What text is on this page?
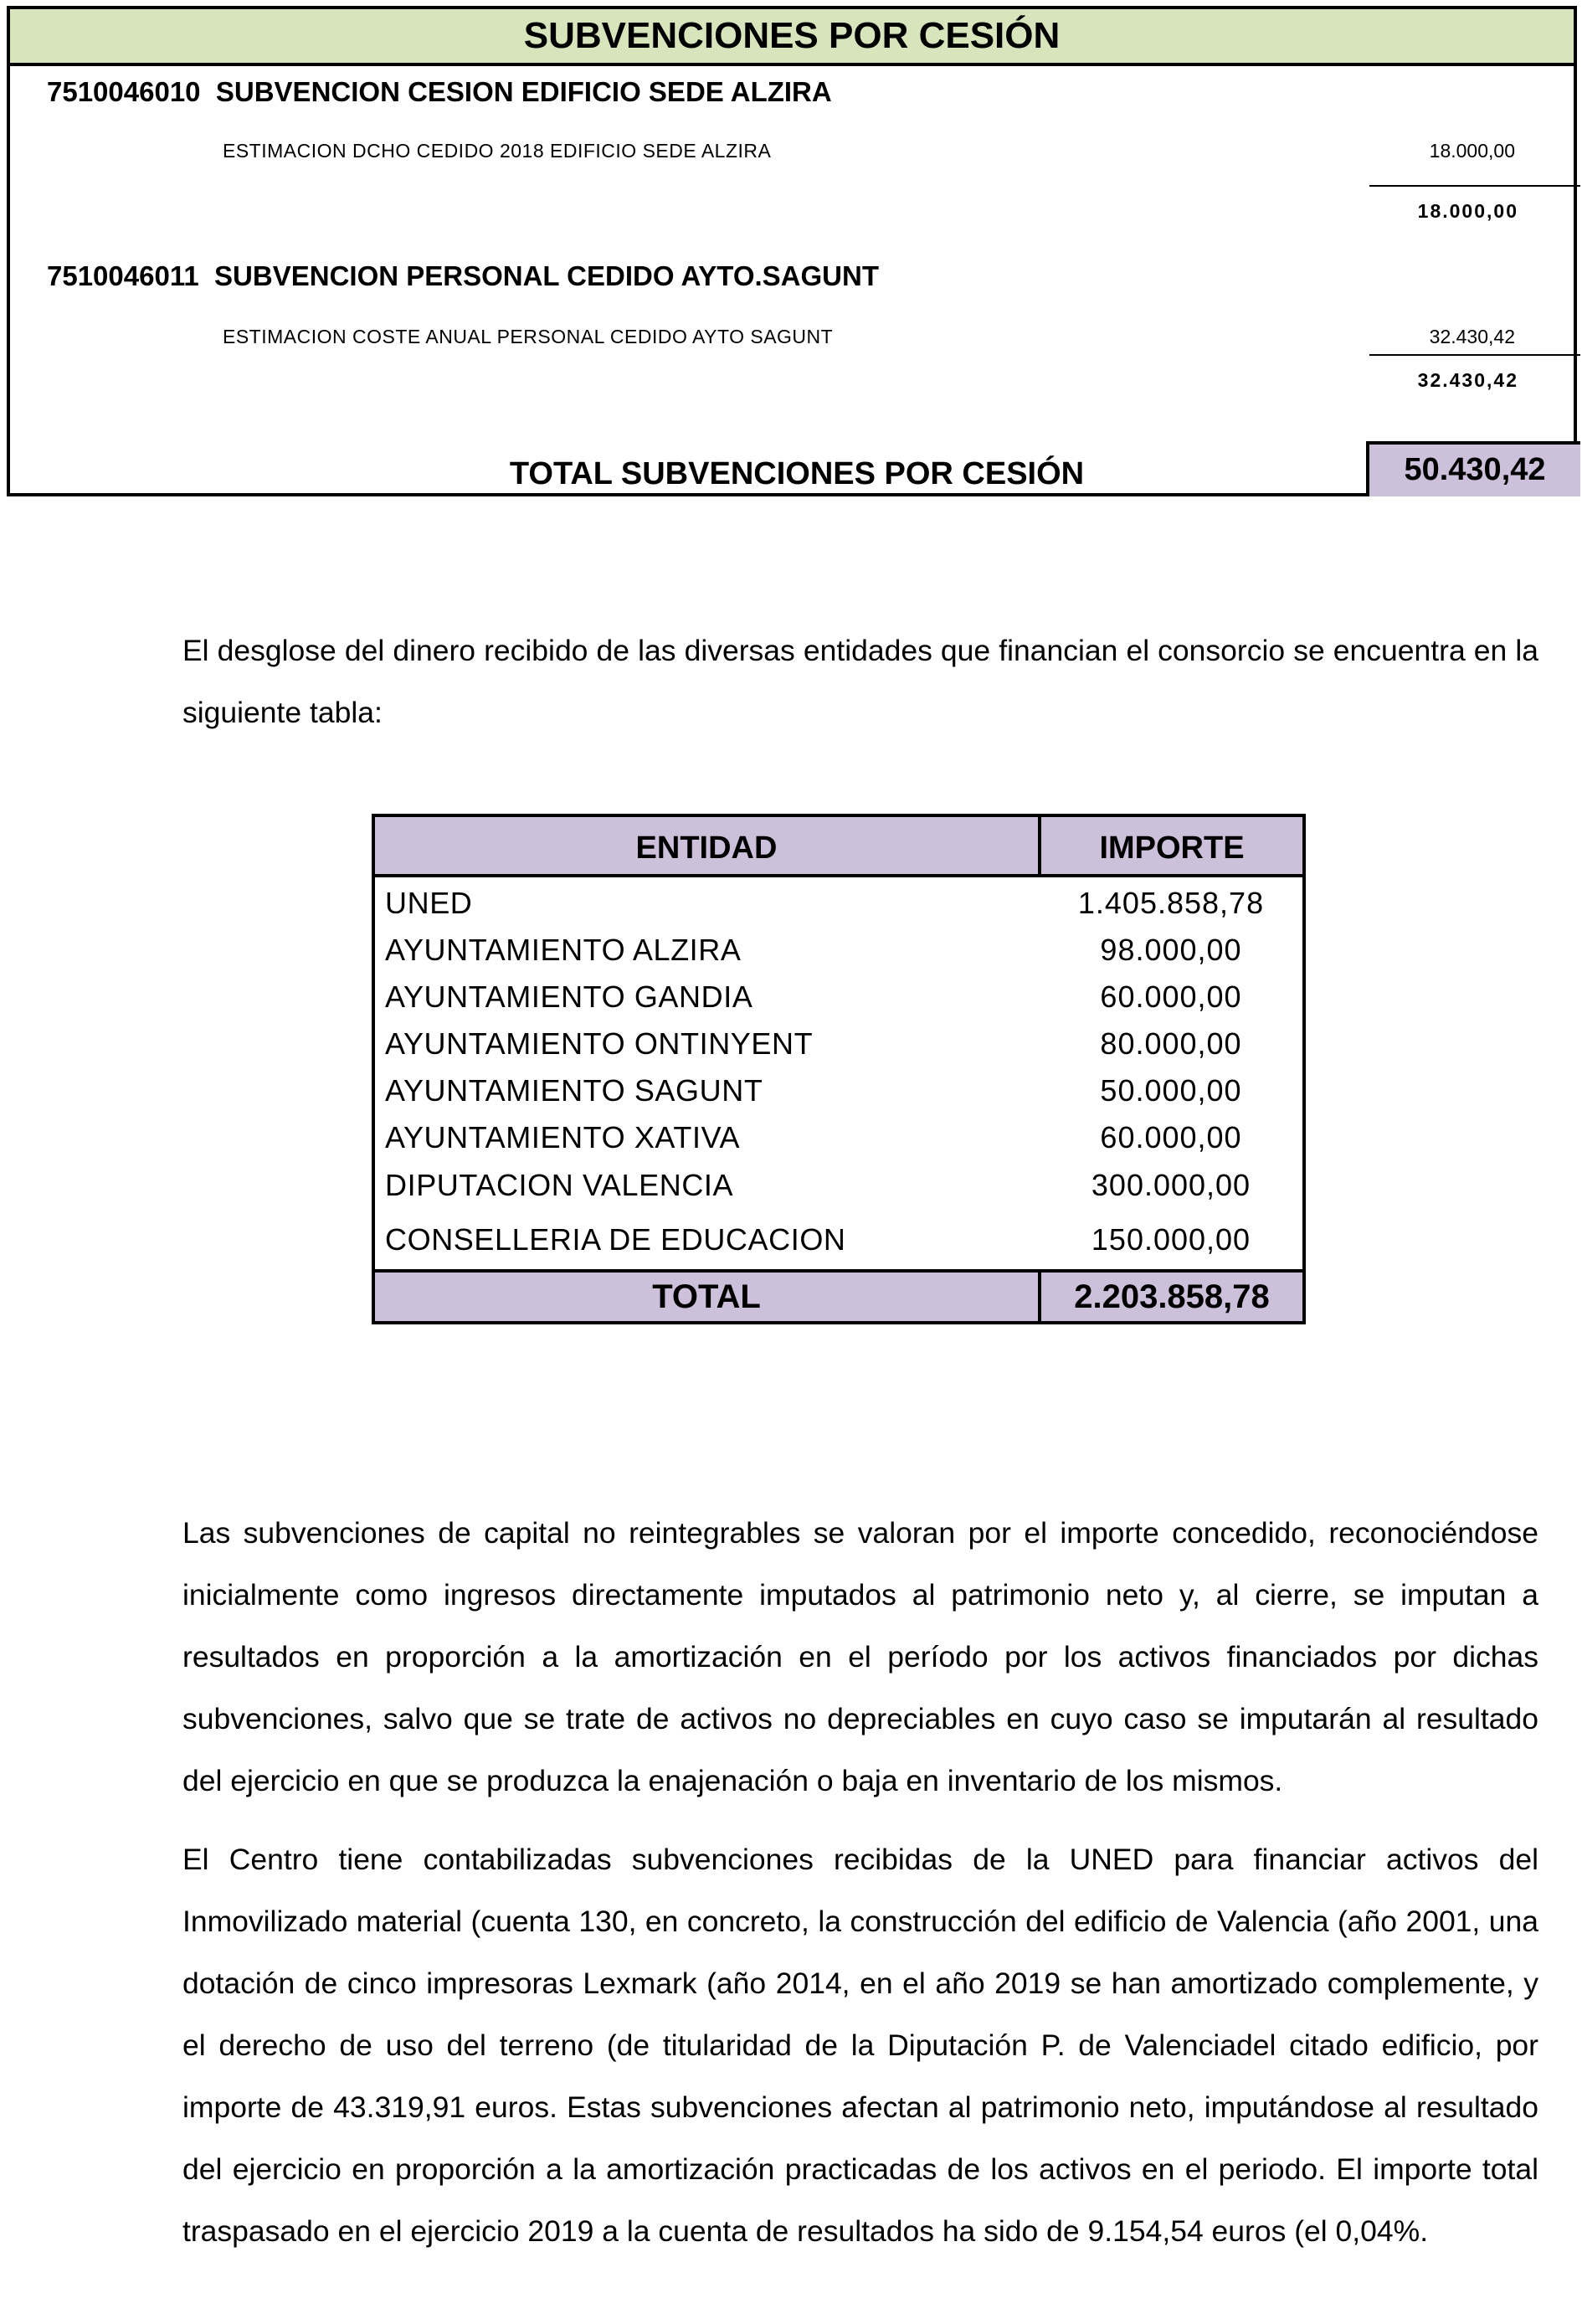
SUBVENCIONES POR CESIÓN
7510046010  SUBVENCION CESION EDIFICIO SEDE ALZIRA
ESTIMACION DCHO CEDIDO 2018 EDIFICIO SEDE ALZIRA	18.000,00
18.000,00
7510046011  SUBVENCION PERSONAL CEDIDO AYTO.SAGUNT
ESTIMACION COSTE ANUAL PERSONAL CEDIDO AYTO SAGUNT	32.430,42
32.430,42
TOTAL SUBVENCIONES POR CESIÓN	50.430,42
El desglose del dinero recibido de las diversas entidades que financian el consorcio se encuentra en la siguiente tabla:
ENTIDAD	IMPORTE
UNED	1.405.858,78
AYUNTAMIENTO ALZIRA	98.000,00
AYUNTAMIENTO GANDIA	60.000,00
AYUNTAMIENTO ONTINYENT	80.000,00
AYUNTAMIENTO SAGUNT	50.000,00
AYUNTAMIENTO XATIVA	60.000,00
DIPUTACION VALENCIA	300.000,00
CONSELLERIA DE EDUCACION	150.000,00
TOTAL	2.203.858,78
Las subvenciones de capital no reintegrables se valoran por el importe concedido, reconociéndose inicialmente como ingresos directamente imputados al patrimonio neto y, al cierre, se imputan a resultados en proporción a la amortización en el período por los activos financiados por dichas subvenciones, salvo que se trate de activos no depreciables en cuyo caso se imputarán al resultado del ejercicio en que se produzca la enajenación o baja en inventario de los mismos.
El Centro tiene contabilizadas subvenciones recibidas de la UNED para financiar activos del Inmovilizado material (cuenta 130, en concreto, la construcción del edificio de Valencia (año 2001, una dotación de cinco impresoras Lexmark (año 2014, en el año 2019 se han amortizado complemente, y el derecho de uso del terreno (de titularidad de la Diputación P. de Valenciadel citado edificio, por importe de 43.319,91 euros. Estas subvenciones afectan al patrimonio neto, imputándose al resultado del ejercicio en proporción a la amortización practicadas de los activos en el periodo. El importe total traspasado en el ejercicio 2019 a la cuenta de resultados ha sido de 9.154,54 euros (el 0,04%.
